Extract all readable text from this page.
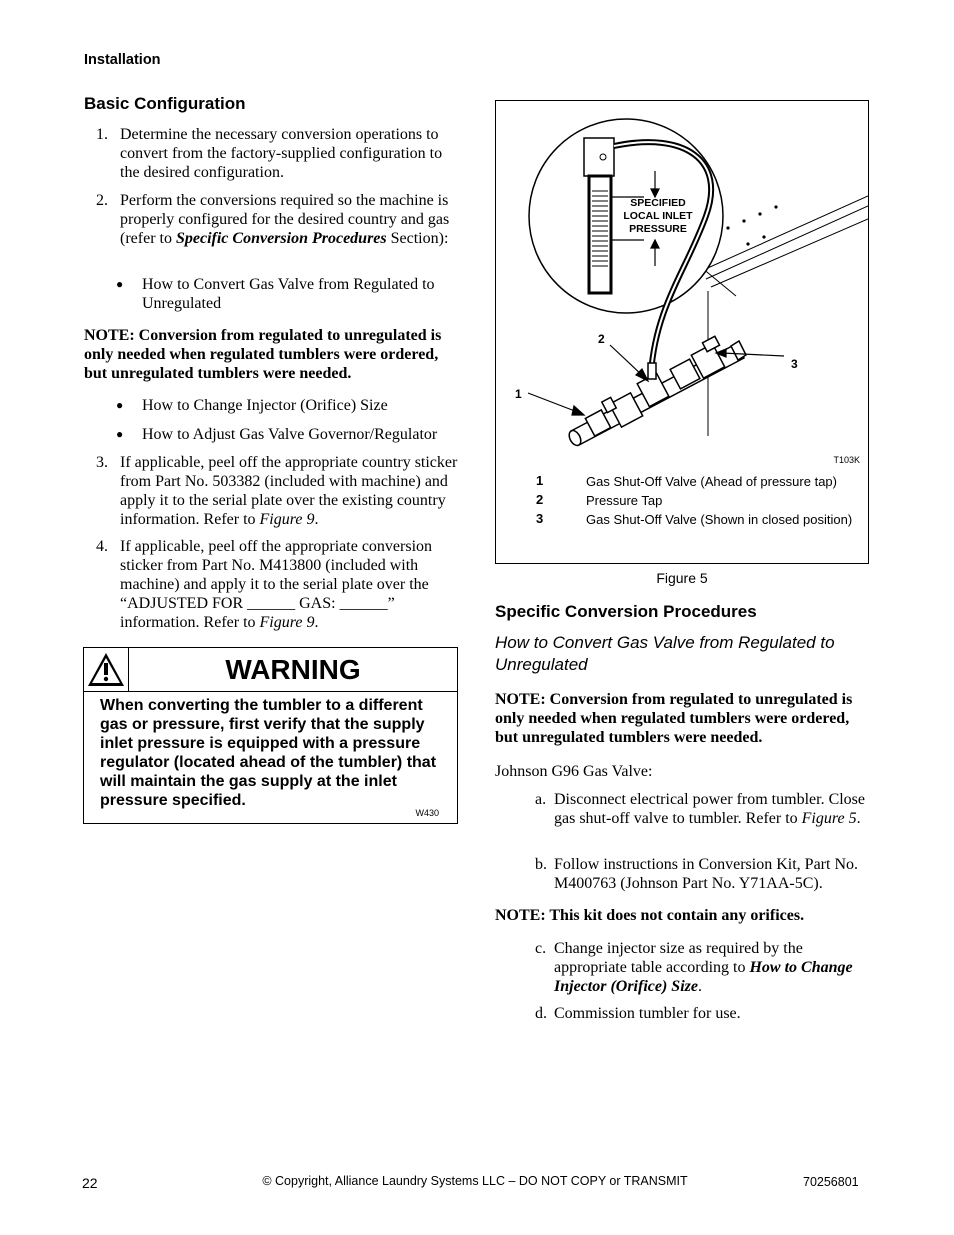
Installation
Basic Configuration
1. Determine the necessary conversion operations to convert from the factory-supplied configuration to the desired configuration.
2. Perform the conversions required so the machine is properly configured for the desired country and gas (refer to Specific Conversion Procedures Section):
● How to Convert Gas Valve from Regulated to Unregulated
NOTE: Conversion from regulated to unregulated is only needed when regulated tumblers were ordered, but unregulated tumblers were needed.
● How to Change Injector (Orifice) Size
● How to Adjust Gas Valve Governor/Regulator
3. If applicable, peel off the appropriate country sticker from Part No. 503382 (included with machine) and apply it to the serial plate over the existing country information. Refer to Figure 9.
4. If applicable, peel off the appropriate conversion sticker from Part No. M413800 (included with machine) and apply it to the serial plate over the “ADJUSTED FOR ______ GAS: ______” information. Refer to Figure 9.
WARNING
When converting the tumbler to a different gas or pressure, first verify that the supply inlet pressure is equipped with a pressure regulator (located ahead of the tumbler) that will maintain the gas supply at the inlet pressure specified.
W430
SPECIFIED
LOCAL INLET
PRESSURE
1
2
3
T103K
1	Gas Shut-Off Valve (Ahead of pressure tap)
2	Pressure Tap
3	Gas Shut-Off Valve (Shown in closed position)
Figure 5
Specific Conversion Procedures
How to Convert Gas Valve from Regulated to Unregulated
NOTE: Conversion from regulated to unregulated is only needed when regulated tumblers were ordered, but unregulated tumblers were needed.
Johnson G96 Gas Valve:
a. Disconnect electrical power from tumbler. Close gas shut-off valve to tumbler. Refer to Figure 5.
b. Follow instructions in Conversion Kit, Part No. M400763 (Johnson Part No. Y71AA-5C).
NOTE: This kit does not contain any orifices.
c. Change injector size as required by the appropriate table according to How to Change Injector (Orifice) Size.
d. Commission tumbler for use.
22	© Copyright, Alliance Laundry Systems LLC – DO NOT COPY or TRANSMIT	70256801
